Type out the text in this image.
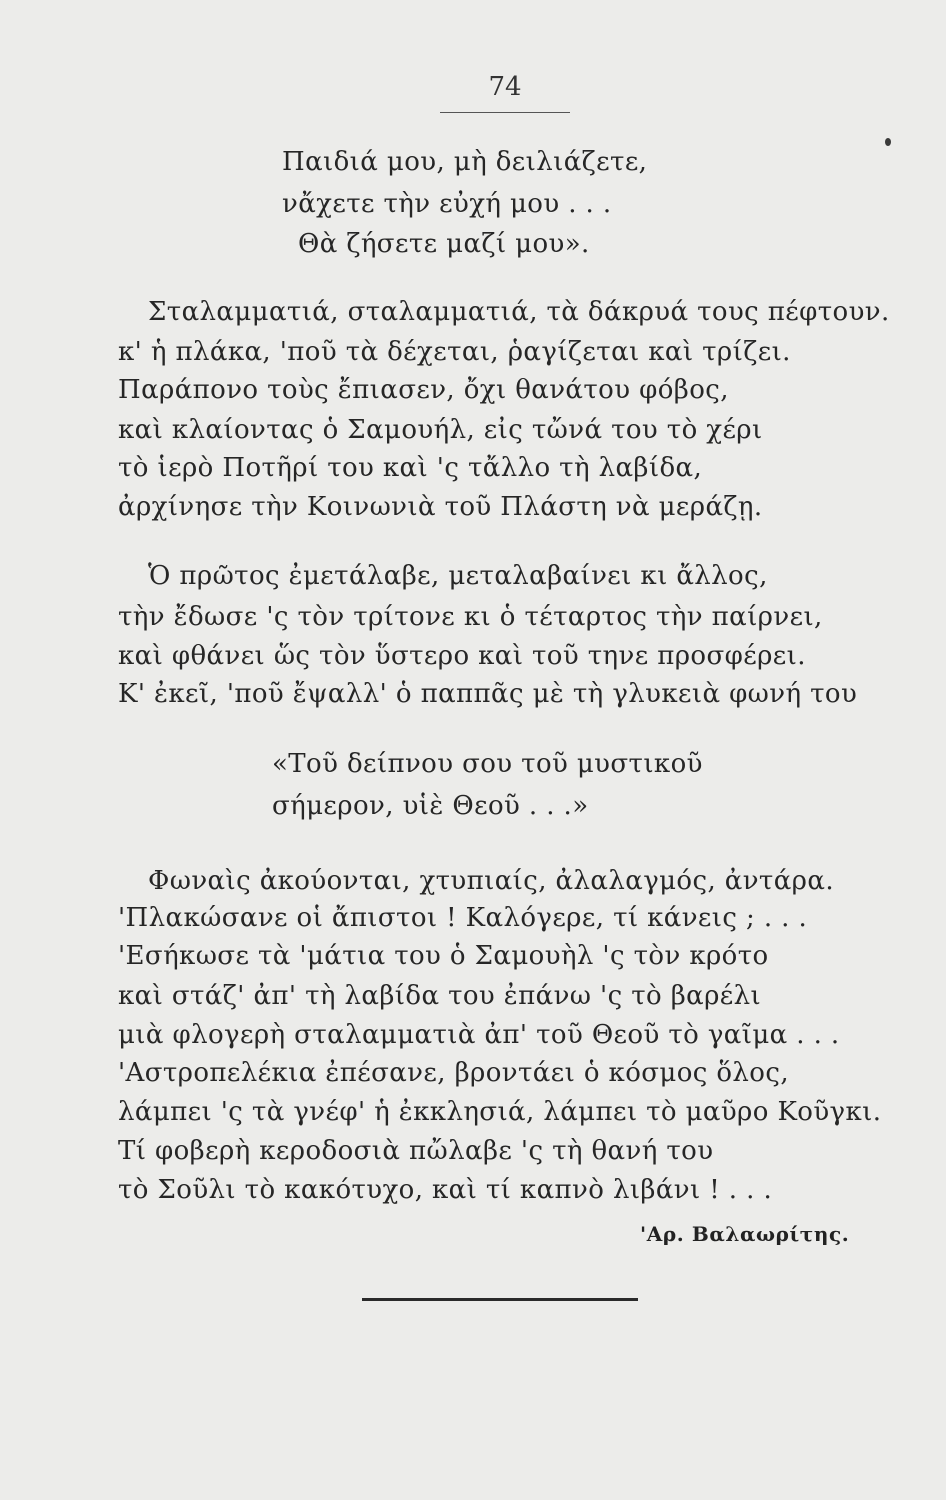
74
Παιδιά μου, μὴ δειλιάζετε,
νἄχετε τὴν εὐχή μου . . .
Θὰ ζήσετε μαζί μου».
Σταλαμματιά, σταλαμματιά, τὰ δάκρυά τους πέφτουν.
κ' ἡ πλάκα, 'ποῦ τὰ δέχεται, ῥαγίζεται καὶ τρίζει.
Παράπονο τοὺς ἔπιασεν, ὄχι θανάτου φόβος,
καὶ κλαίοντας ὁ Σαμουήλ, εἰς τὤνά του τὸ χέρι
τὸ ἱερὸ Ποτῆρί του καὶ 'ς τἄλλο τὴ λαβίδα,
ἀρχίνησε τὴν Κοινωνιὰ τοῦ Πλάστη νὰ μεράζῃ.
Ὁ πρῶτος ἐμετάλαβε, μεταλαβαίνει κι ἄλλος,
τὴν ἔδωσε 'ς τὸν τρίτονε κι ὁ τέταρτος τὴν παίρνει,
καὶ φθάνει ὥς τὸν ὕστερο καὶ τοῦ τηνε προσφέρει.
Κ' ἐκεῖ, 'ποῦ ἔψαλλ' ὁ παππᾶς μὲ τὴ γλυκειὰ φωνή του
«Τοῦ δείπνου σου τοῦ μυστικοῦ
σήμερον, υἱὲ Θεοῦ . . .»
Φωναὶς ἀκούονται, χτυπιαίς, ἀλαλαγμός, ἀντάρα.
'Πλακώσανε οἱ ἄπιστοι ! Καλόγερε, τί κάνεις ; . . .
'Εσήκωσε τὰ 'μάτια του ὁ Σαμουὴλ 'ς τὸν κρότο
καὶ στάζ' ἀπ' τὴ λαβίδα του ἐπάνω 'ς τὸ βαρέλι
μιὰ φλογερὴ σταλαμματιὰ ἀπ' τοῦ Θεοῦ τὸ γαῖμα . . .
'Αστροπελέκια ἐπέσανε, βροντάει ὁ κόσμος ὅλος,
λάμπει 'ς τὰ γνέφ' ἡ ἐκκλησιά, λάμπει τὸ μαῦρο Κοῦγκι.
Τί φοβερὴ κεροδοσιὰ πὤλαβε 'ς τὴ θανή του
τὸ Σοῦλι τὸ κακότυχο, καὶ τί καπνὸ λιβάνι ! . . .
'Αρ. Βαλαωρίτης.
